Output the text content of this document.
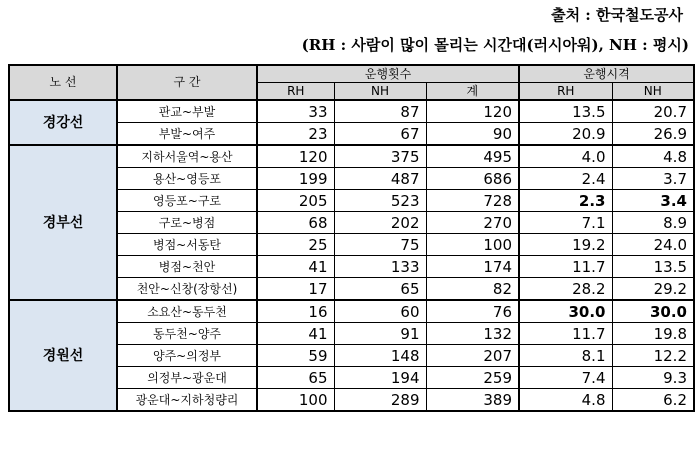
출처 : 한국철도공사
(RH : 사람이 많이 몰리는 시간대(러시아워), NH : 평시)
노 선	구 간	운행횟수			운행시격	
		RH	NH	계	RH	NH
경강선	판교~부발	33	87	120	13.5	20.7
	부발~여주	23	67	90	20.9	26.9
경부선	지하서울역~용산	120	375	495	4.0	4.8
	용산~영등포	199	487	686	2.4	3.7
	영등포~구로	205	523	728	2.3	3.4
	구로~병점	68	202	270	7.1	8.9
	병점~서동탄	25	75	100	19.2	24.0
	병점~천안	41	133	174	11.7	13.5
	천안~신창(장항선)	17	65	82	28.2	29.2
경원선	소요산~동두천	16	60	76	30.0	30.0
	동두천~양주	41	91	132	11.7	19.8
	양주~의정부	59	148	207	8.1	12.2
	의정부~광운대	65	194	259	7.4	9.3
	광운대~지하청량리	100	289	389	4.8	6.2
